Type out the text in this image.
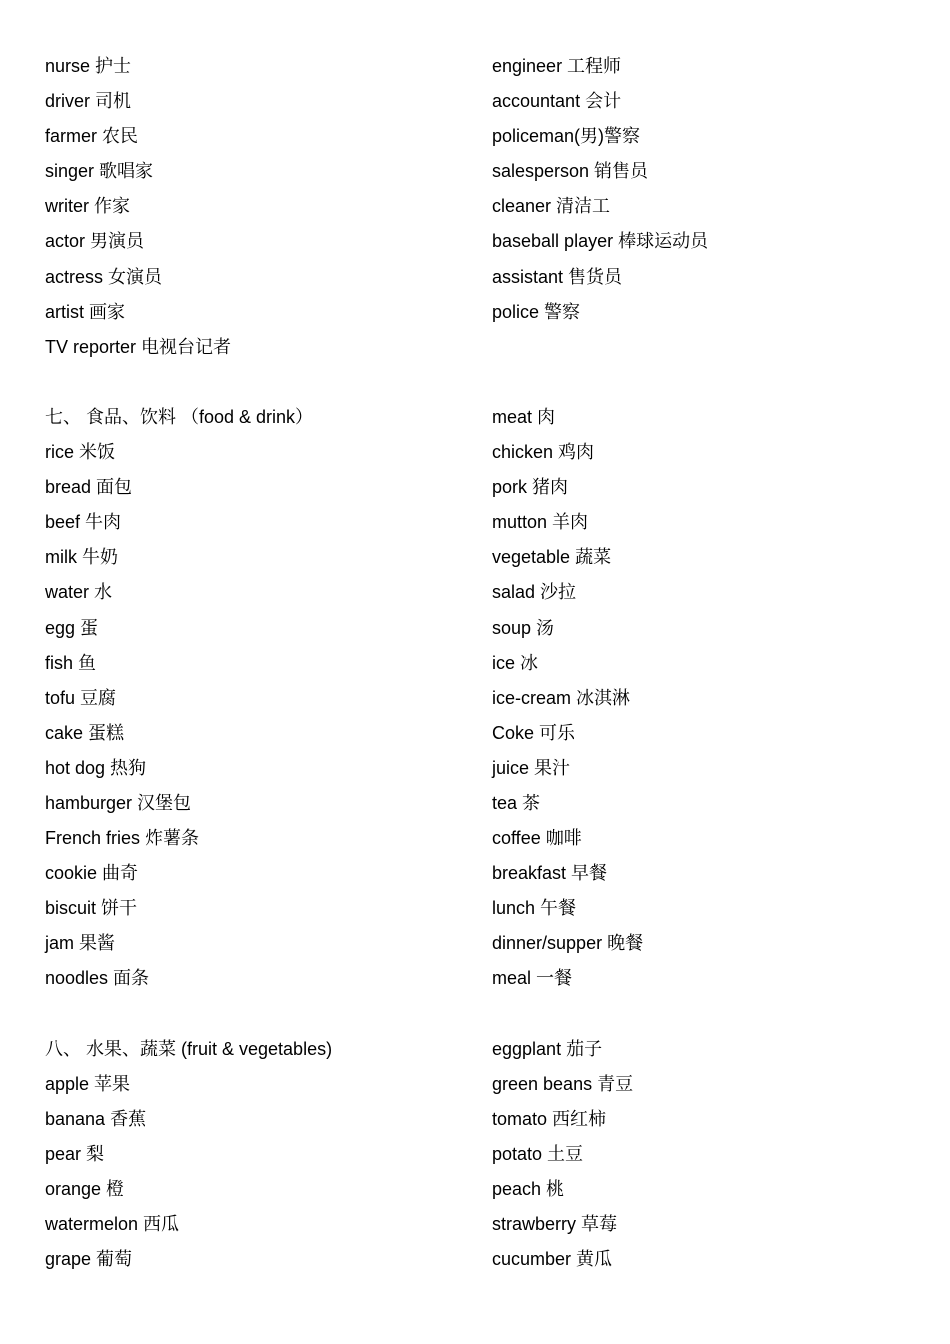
nurse 护士
driver 司机
farmer 农民
singer 歌唱家
writer 作家
actor 男演员
actress 女演员
artist 画家
TV reporter 电视台记者
七、 食品、饮料 （food & drink）
rice 米饭
bread 面包
beef 牛肉
milk 牛奶
water 水
egg 蛋
fish 鱼
tofu 豆腐
cake 蛋糕
hot dog 热狗
hamburger 汉堡包
French fries 炸薯条
cookie 曲奇
biscuit 饼干
jam 果酱
noodles 面条
八、 水果、蔬菜 (fruit & vegetables)
apple 苹果
banana 香蕉
pear 梨
orange 橙
watermelon 西瓜
grape 葡萄
engineer 工程师
accountant 会计
policeman(男)警察
salesperson 销售员
cleaner 清洁工
baseball player 棒球运动员
assistant 售货员
police 警察
meat 肉
chicken 鸡肉
pork 猪肉
mutton 羊肉
vegetable 蔬菜
salad 沙拉
soup 汤
ice 冰
ice-cream 冰淇淋
Coke 可乐
juice 果汁
tea 茶
coffee 咖啡
breakfast 早餐
lunch 午餐
dinner/supper 晚餐
meal 一餐
eggplant 茄子
green beans 青豆
tomato 西红柿
potato 土豆
peach 桃
strawberry 草莓
cucumber 黄瓜
